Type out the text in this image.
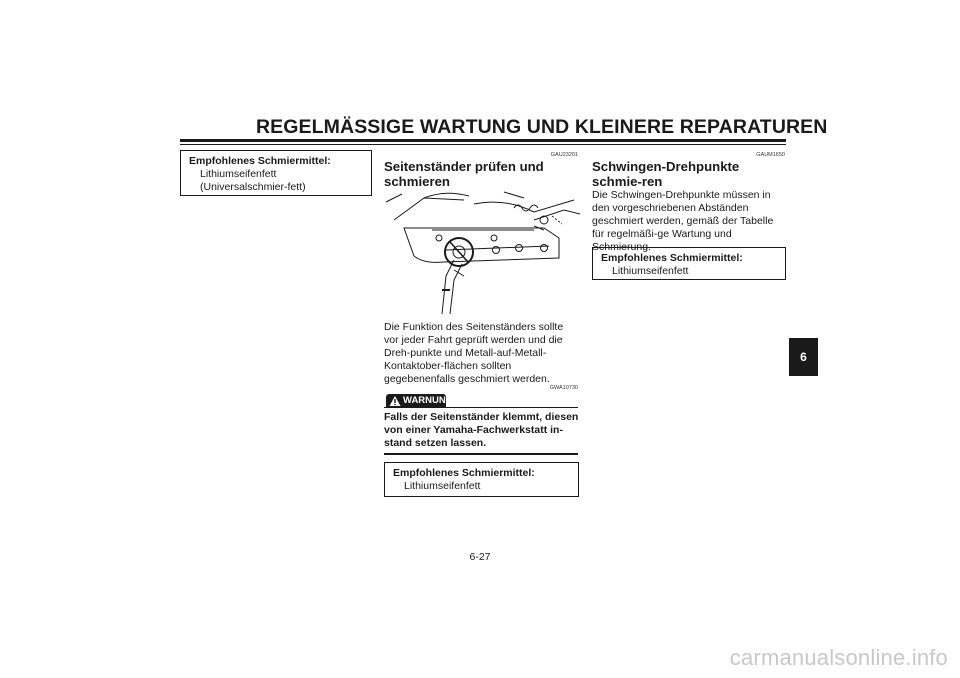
REGELMÄSSIGE WARTUNG UND KLEINERE REPARATUREN
Empfohlenes Schmiermittel:
Lithiumseifenfett (Universalschmier-fett)
GAU23201
Seitenständer prüfen und schmieren

Die Funktion des Seitenständers sollte vor jeder Fahrt geprüft werden und die Dreh-punkte und Metall-auf-Metall-Kontaktober-flächen sollten gegebenenfalls geschmiert werden.

GWA10730
WARNUNG

Falls der Seitenständer klemmt, diesen von einer Yamaha-Fachwerkstatt in-stand setzen lassen.

Empfohlenes Schmiermittel:
Lithiumseifenfett
GAUM1650
Schwingen-Drehpunkte schmie-ren

Die Schwingen-Drehpunkte müssen in den vorgeschriebenen Abständen geschmiert werden, gemäß der Tabelle für regelmäßi-ge Wartung und Schmierung.

Empfohlenes Schmiermittel:
Lithiumseifenfett
6
6-27
carmanualsonline.info
